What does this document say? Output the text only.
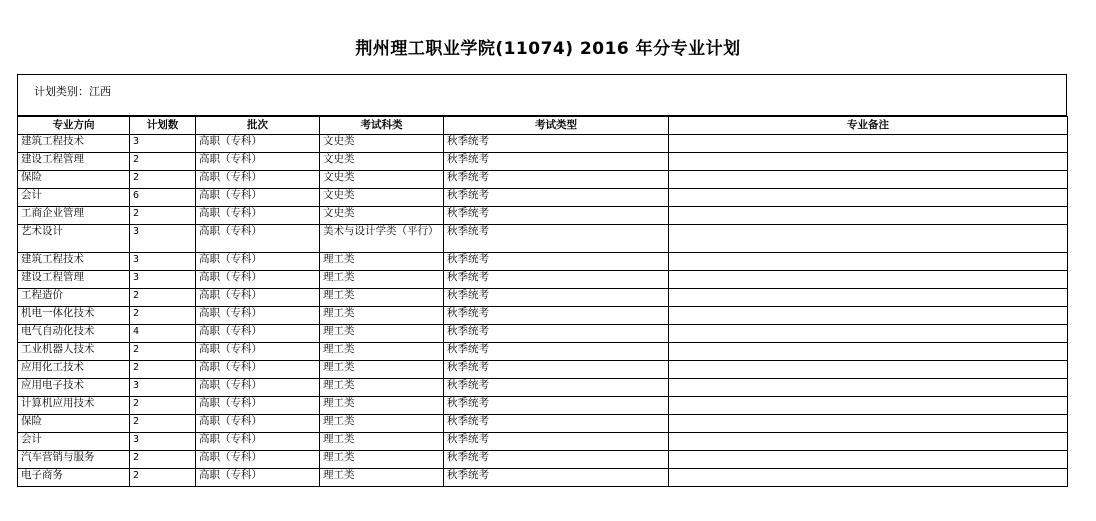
荆州理工职业学院(11074) 2016 年分专业计划
计划类别：江西
专业方向	计划数	批次	考试科类	考试类型	专业备注
建筑工程技术	3	高职（专科）	文史类	秋季统考	
建设工程管理	2	高职（专科）	文史类	秋季统考	
保险	2	高职（专科）	文史类	秋季统考	
会计	6	高职（专科）	文史类	秋季统考	
工商企业管理	2	高职（专科）	文史类	秋季统考	
艺术设计	3	高职（专科）	美术与设计学类（平行）	秋季统考	
建筑工程技术	3	高职（专科）	理工类	秋季统考	
建设工程管理	3	高职（专科）	理工类	秋季统考	
工程造价	2	高职（专科）	理工类	秋季统考	
机电一体化技术	2	高职（专科）	理工类	秋季统考	
电气自动化技术	4	高职（专科）	理工类	秋季统考	
工业机器人技术	2	高职（专科）	理工类	秋季统考	
应用化工技术	2	高职（专科）	理工类	秋季统考	
应用电子技术	3	高职（专科）	理工类	秋季统考	
计算机应用技术	2	高职（专科）	理工类	秋季统考	
保险	2	高职（专科）	理工类	秋季统考	
会计	3	高职（专科）	理工类	秋季统考	
汽车营销与服务	2	高职（专科）	理工类	秋季统考	
电子商务	2	高职（专科）	理工类	秋季统考	
